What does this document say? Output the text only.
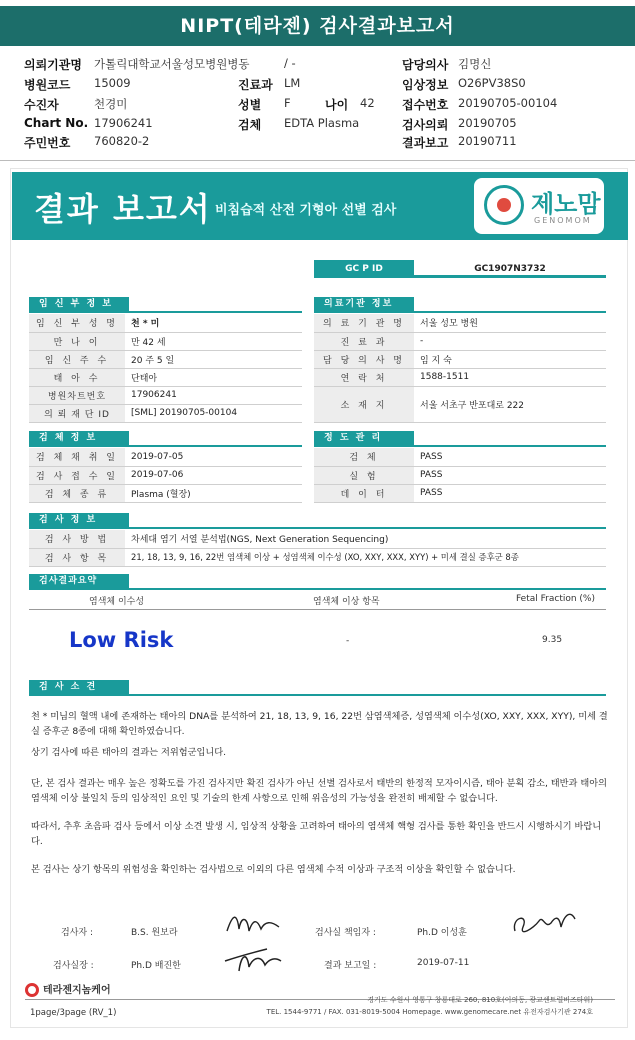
NIPT(테라젠) 검사결과보고서
의뢰기관명 가톨릭대학교서울성모병원병동	/ -	담당의사 김명신
병원코드 15009	진료과 LM	임상정보 O26PV38S0
수진자	천경미	성별 F	나이 42 접수번호 20190705-00104
Chart No. 17906241	검체 EDTA Plasma	검사의뢰 20190705
주민번호 760820-2	결과보고 20190711
결과 보고서 비침습적 산전 기형아 선별 검사	제노맘
GENOMOM
GC P ID	GC1907N3732
임 신 부 정 보
임 신 부 성 명	천 * 미
만 나 이	만 42 세
임 신 주 수	20 주 5 일
태 아 수	단태아
병원차트번호	17906241
의 뢰 재 단 ID	[SML] 20190705-00104
의료기관 정보
의 료 기 관 명	서울 성모 병원
진 료 과	-
담 당 의 사 명	임 지 숙
연 락 처	1588-1511
소 재 지	서울 서초구 반포대로 222
검 체 정 보
검 체 채 취 일	2019-07-05
검 사 접 수 일	2019-07-06
검 체 종 류	Plasma (혈장)
정 도 관 리
검 체	PASS
실 험	PASS
데 이 터	PASS
검 사 정 보
검 사 방 법	차세대 염기 서열 분석법(NGS, Next Generation Sequencing)
검 사 항 목	21, 18, 13, 9, 16, 22번 염색체 이상 + 성염색체 이수성 (XO, XXY, XXX, XYY) + 미세 결실 증후군 8종
검사결과요약
염색체 이수성	염색체 이상 항목	Fetal Fraction (%)
Low Risk	-	9.35
검 사 소 견
천 * 미님의 혈액 내에 존재하는 태아의 DNA를 분석하여 21, 18, 13, 9, 16, 22번 삼염색체증, 성염색체 이수성(XO, XXY, XXX, XYY), 미세 결실 증후군 8종에 대해 확인하였습니다.
상기 검사에 따른 태아의 결과는 저위험군입니다.
단, 본 검사 결과는 매우 높은 정확도를 가진 검사지만 확진 검사가 아닌 선별 검사로서 태반의 한정적 모자이시즘, 태아 분획 감소, 태반과 태아의 염색체 이상 불일치 등의 임상적인 요인 및 기술의 한계 사항으로 인해 위음성의 가능성을 완전히 배제할 수 없습니다.
따라서, 추후 초음파 검사 등에서 이상 소견 발생 시, 임상적 상황을 고려하여 태아의 염색체 핵형 검사를 통한 확인을 반드시 시행하시기 바랍니다.
본 검사는 상기 항목의 위험성을 확인하는 검사법으로 이외의 다른 염색체 수적 이상과 구조적 이상을 확인할 수 없습니다.
검사자 :	B.S. 원보라	검사실 책임자 :	Ph.D 이성훈
검사실장 :	Ph.D 배진한	결과 보고일 :	2019-07-11
테라젠지놈케어
경기도 수원시 영통구 창룡대로 260, 810호(이의동, 광교센트럴비즈타워)
TEL. 1544-9771 / FAX. 031-8019-5004 Homepage. www.genomecare.net 유전자검사기관 274호
1page/3page (RV_1)
